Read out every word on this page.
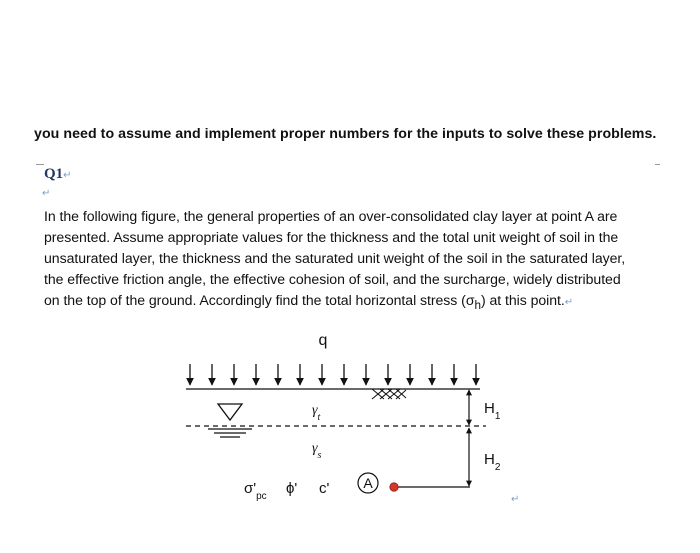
you need to assume and implement proper numbers for the inputs to solve these problems.
Q1↵
↵

In the following figure, the general properties of an over-consolidated clay layer at point A are
presented. Assume appropriate values for the thickness and the total unit weight of soil in the
unsaturated layer, the thickness and the saturated unit weight of the soil in the saturated layer,
the effective friction angle, the effective cohesion of soil, and the surcharge, widely distributed
on the top of the ground. Accordingly find the total horizontal stress $(\sigma_h)$ at this point.↵

q
$\gamma_t$
$\gamma_s$
$H_1$
$H_2$
$\sigma'_{pc}$ ϕ' c' A
↵
